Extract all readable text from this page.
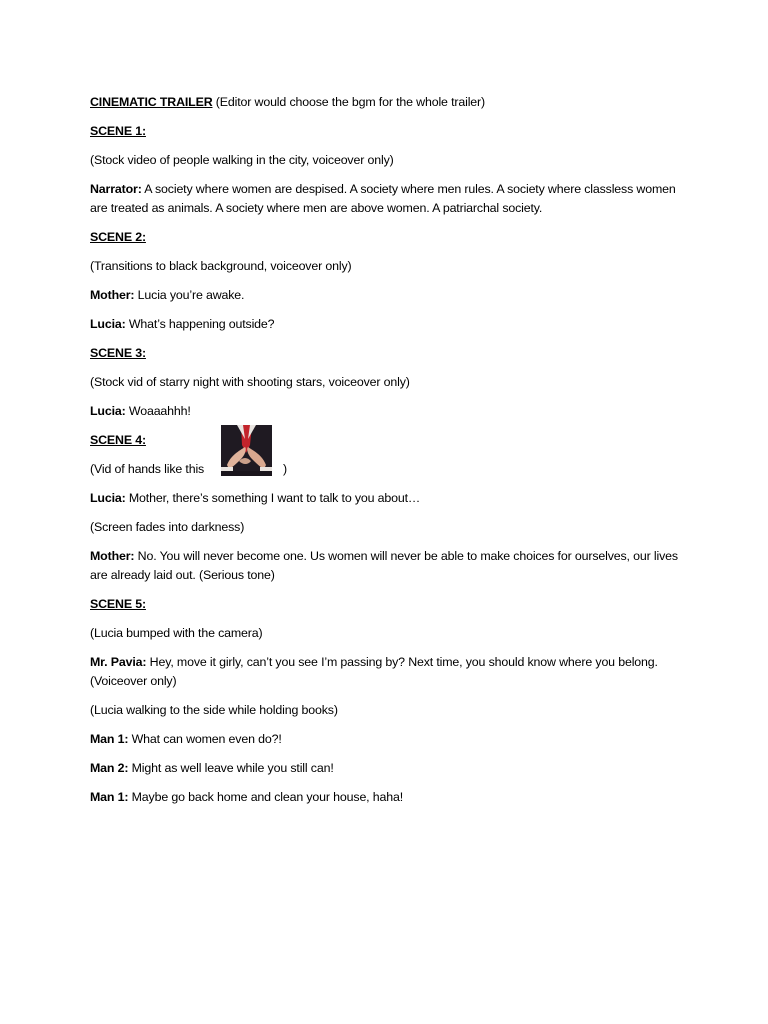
CINEMATIC TRAILER (Editor would choose the bgm for the whole trailer)
SCENE 1:
(Stock video of people walking in the city, voiceover only)
Narrator: A society where women are despised. A society where men rules. A society where classless women are treated as animals. A society where men are above women. A patriarchal society.
SCENE 2:
(Transitions to black background, voiceover only)
Mother: Lucia you’re awake.
Lucia: What’s happening outside?
SCENE 3:
(Stock vid of starry night with shooting stars, voiceover only)
Lucia: Woaaahhh!
SCENE 4:
(Vid of hands like this	)
Lucia: Mother, there’s something I want to talk to you about…
(Screen fades into darkness)
Mother: No. You will never become one. Us women will never be able to make choices for ourselves, our lives are already laid out. (Serious tone)
SCENE 5:
(Lucia bumped with the camera)
Mr. Pavia: Hey, move it girly, can’t you see I’m passing by? Next time, you should know where you belong. (Voiceover only)
(Lucia walking to the side while holding books)
Man 1: What can women even do?!
Man 2: Might as well leave while you still can!
Man 1: Maybe go back home and clean your house, haha!
